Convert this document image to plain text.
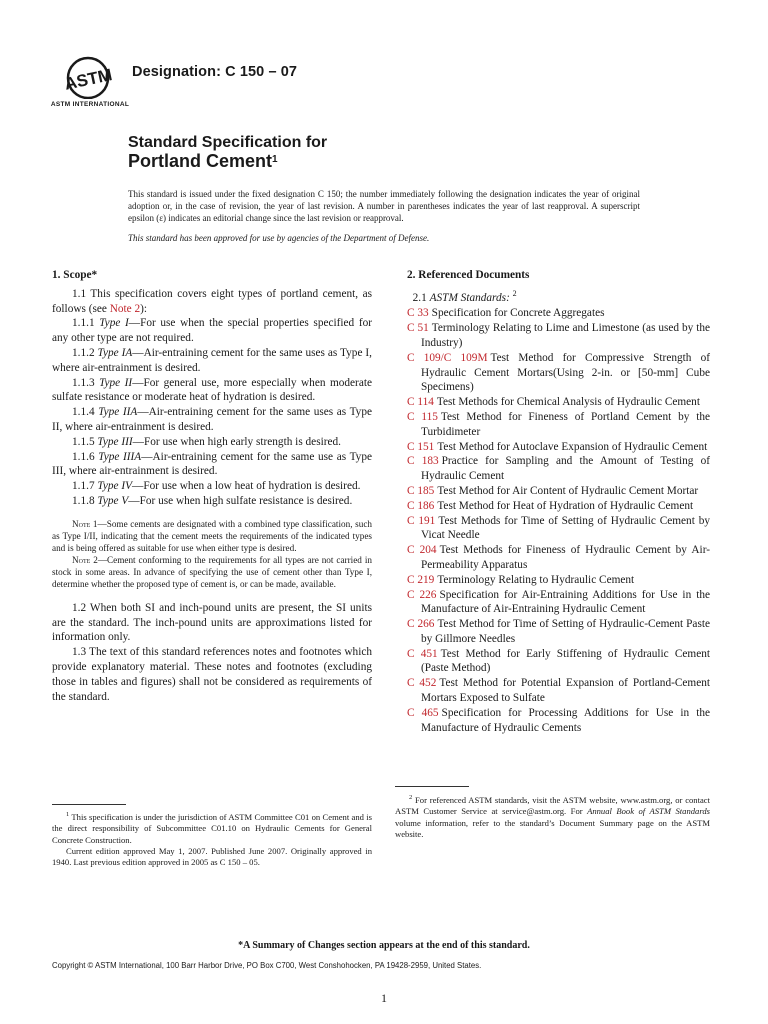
ASTM
ASTM INTERNATIONAL
Designation: C 150 – 07
Standard Specification for
Portland Cement$^1$
This standard is issued under the fixed designation C 150; the number immediately following the designation indicates the year of original adoption or, in the case of revision, the year of last revision. A number in parentheses indicates the year of last reapproval. A superscript epsilon (ε) indicates an editorial change since the last revision or reapproval.
This standard has been approved for use by agencies of the Department of Defense.
1. Scope*

1.1 This specification covers eight types of portland cement, as follows (see Note 2):

1.1.1 Type I—For use when the special properties specified for any other type are not required.

1.1.2 Type IA—Air-entraining cement for the same uses as Type I, where air-entrainment is desired.

1.1.3 Type II—For general use, more especially when moderate sulfate resistance or moderate heat of hydration is desired.

1.1.4 Type IIA—Air-entraining cement for the same uses as Type II, where air-entrainment is desired.

1.1.5 Type III—For use when high early strength is desired.

1.1.6 Type IIIA—Air-entraining cement for the same use as Type III, where air-entrainment is desired.

1.1.7 Type IV—For use when a low heat of hydration is desired.

1.1.8 Type V—For use when high sulfate resistance is desired.

Note 1—Some cements are designated with a combined type classification, such as Type I/II, indicating that the cement meets the requirements of the indicated types and is being offered as suitable for use when either type is desired.

Note 2—Cement conforming to the requirements for all types are not carried in stock in some areas. In advance of specifying the use of cement other than Type I, determine whether the proposed type of cement is, or can be made, available.

1.2 When both SI and inch-pound units are present, the SI units are the standard. The inch-pound units are approximations listed for information only.

1.3 The text of this standard references notes and footnotes which provide explanatory material. These notes and footnotes (excluding those in tables and figures) shall not be considered as requirements of the standard.

2. Referenced Documents

2.1 ASTM Standards: $^2$

C 33 Specification for Concrete Aggregates

C 51 Terminology Relating to Lime and Limestone (as used by the Industry)

C 109/C 109M Test Method for Compressive Strength of Hydraulic Cement Mortars(Using 2-in. or [50-mm] Cube Specimens)

C 114 Test Methods for Chemical Analysis of Hydraulic Cement

C 115 Test Method for Fineness of Portland Cement by the Turbidimeter

C 151 Test Method for Autoclave Expansion of Hydraulic Cement

C 183 Practice for Sampling and the Amount of Testing of Hydraulic Cement

C 185 Test Method for Air Content of Hydraulic Cement Mortar

C 186 Test Method for Heat of Hydration of Hydraulic Cement

C 191 Test Methods for Time of Setting of Hydraulic Cement by Vicat Needle

C 204 Test Methods for Fineness of Hydraulic Cement by Air-Permeability Apparatus

C 219 Terminology Relating to Hydraulic Cement

C 226 Specification for Air-Entraining Additions for Use in the Manufacture of Air-Entraining Hydraulic Cement

C 266 Test Method for Time of Setting of Hydraulic-Cement Paste by Gillmore Needles

C 451 Test Method for Early Stiffening of Hydraulic Cement (Paste Method)

C 452 Test Method for Potential Expansion of Portland-Cement Mortars Exposed to Sulfate

C 465 Specification for Processing Additions for Use in the Manufacture of Hydraulic Cements

$^1$ This specification is under the jurisdiction of ASTM Committee C01 on Cement and is the direct responsibility of Subcommittee C01.10 on Hydraulic Cements for General Concrete Construction.
Current edition approved May 1, 2007. Published June 2007. Originally approved in 1940. Last previous edition approved in 2005 as C 150 – 05.
$^2$ For referenced ASTM standards, visit the ASTM website, www.astm.org, or contact ASTM Customer Service at service@astm.org. For Annual Book of ASTM Standards volume information, refer to the standard’s Document Summary page on the ASTM website.
*A Summary of Changes section appears at the end of this standard.
Copyright © ASTM International, 100 Barr Harbor Drive, PO Box C700, West Conshohocken, PA 19428-2959, United States.
1
